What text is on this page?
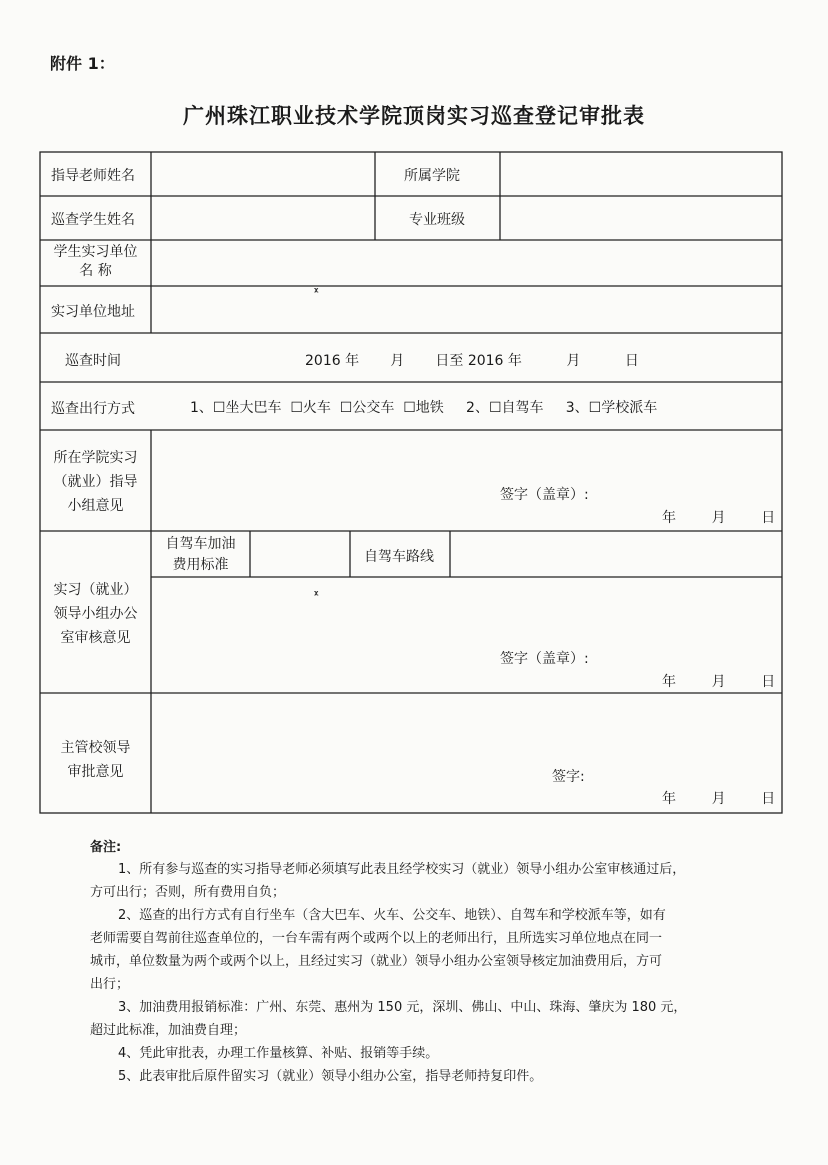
附件 1：
广州珠江职业技术学院顶岗实习巡查登记审批表
指导老师姓名	所属学院
巡查学生姓名	专业班级
学生实习单位
名 称
实习单位地址
ᵡ
巡查时间	2016 年       月       日至 2016 年          月          日
巡查出行方式	1、☐坐大巴车  ☐火车  ☐公交车  ☐地铁     2、☐自驾车     3、☐学校派车
所在学院实习
（就业）指导
小组意见
签字（盖章）:
年        月        日
自驾车加油
费用标准	自驾车路线
实习（就业）
领导小组办公
室审核意见
ᵡ
签字（盖章）:
年        月        日
主管校领导
审批意见	签字:
年        月        日
备注:
1、所有参与巡查的实习指导老师必须填写此表且经学校实习（就业）领导小组办公室审核通过后，
方可出行；否则，所有费用自负；
2、巡查的出行方式有自行坐车（含大巴车、火车、公交车、地铁）、自驾车和学校派车等，如有
老师需要自驾前往巡查单位的，一台车需有两个或两个以上的老师出行，且所选实习单位地点在同一
城市，单位数量为两个或两个以上，且经过实习（就业）领导小组办公室领导核定加油费用后，方可
出行；
3、加油费用报销标准：广州、东莞、惠州为 150 元，深圳、佛山、中山、珠海、肇庆为 180 元，
超过此标准，加油费自理；
4、凭此审批表，办理工作量核算、补贴、报销等手续。
5、此表审批后原件留实习（就业）领导小组办公室，指导老师持复印件。
